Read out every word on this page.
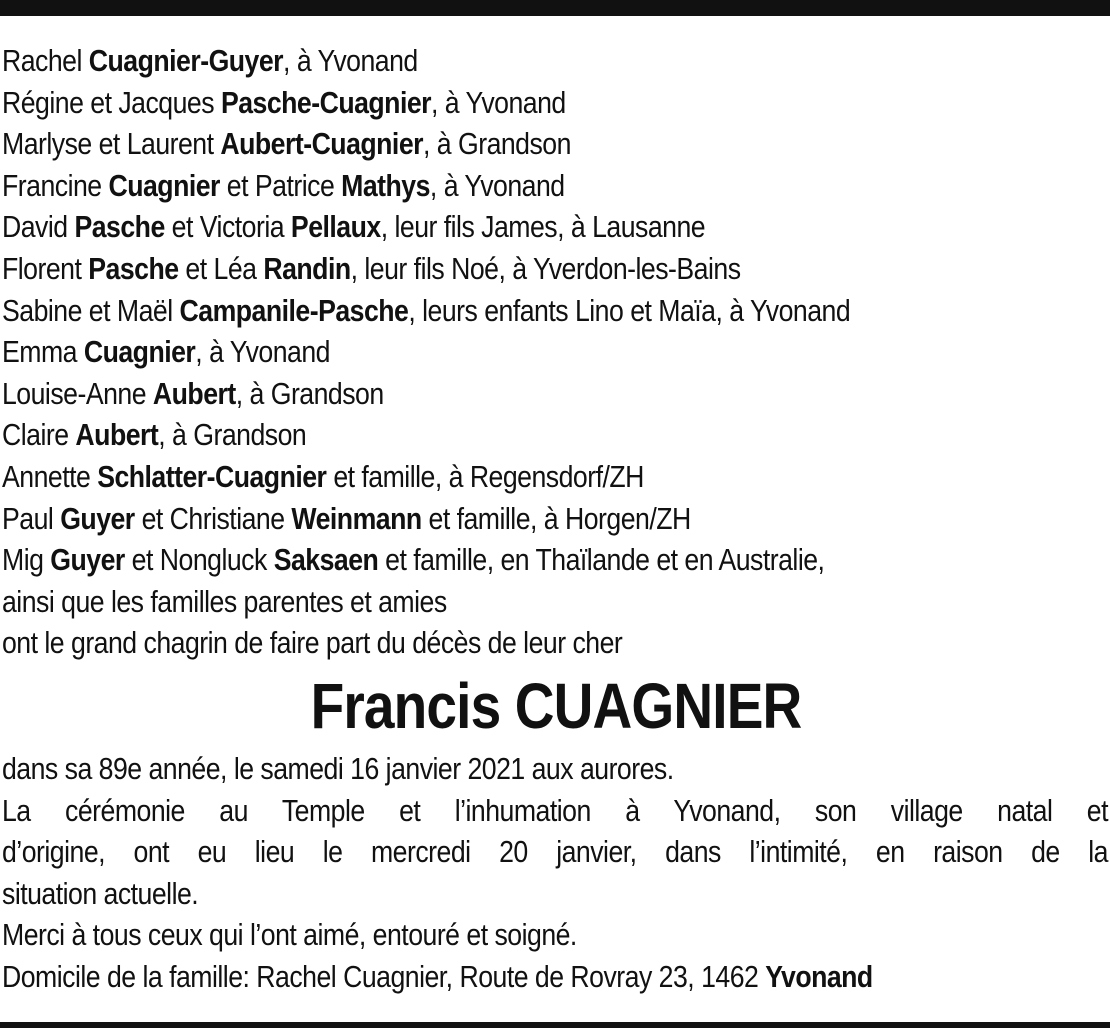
Rachel Cuagnier-Guyer, à Yvonand
Régine et Jacques Pasche-Cuagnier, à Yvonand
Marlyse et Laurent Aubert-Cuagnier, à Grandson
Francine Cuagnier et Patrice Mathys, à Yvonand
David Pasche et Victoria Pellaux, leur fils James, à Lausanne
Florent Pasche et Léa Randin, leur fils Noé, à Yverdon-les-Bains
Sabine et Maël Campanile-Pasche, leurs enfants Lino et Maïa, à Yvonand
Emma Cuagnier, à Yvonand
Louise-Anne Aubert, à Grandson
Claire Aubert, à Grandson
Annette Schlatter-Cuagnier et famille, à Regensdorf/ZH
Paul Guyer et Christiane Weinmann et famille, à Horgen/ZH
Mig Guyer et Nongluck Saksaen et famille, en Thaïlande et en Australie,
ainsi que les familles parentes et amies
ont le grand chagrin de faire part du décès de leur cher
Francis CUAGNIER
dans sa 89e année, le samedi 16 janvier 2021 aux aurores.
La cérémonie au Temple et l’inhumation à Yvonand, son village natal et
d’origine, ont eu lieu le mercredi 20 janvier, dans l’intimité, en raison de la
situation actuelle.
Merci à tous ceux qui l’ont aimé, entouré et soigné.
Domicile de la famille: Rachel Cuagnier, Route de Rovray 23, 1462 Yvonand
